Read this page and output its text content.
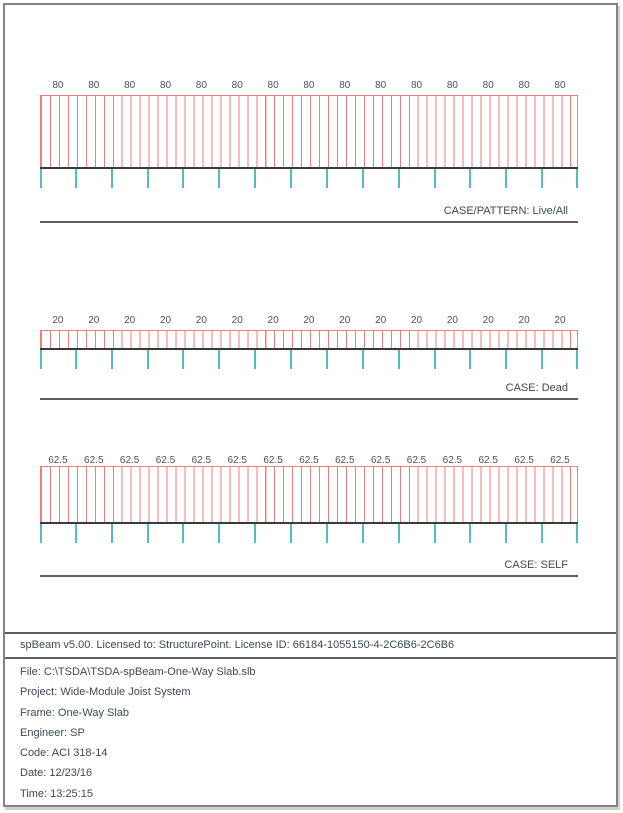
80	80	80	80	80	80	80	80	80	80	80	80	80	80	80
CASE/PATTERN: Live/All
20	20	20	20	20	20	20	20	20	20	20	20	20	20	20
CASE: Dead
62.5	62.5	62.5	62.5	62.5	62.5	62.5	62.5	62.5	62.5	62.5	62.5	62.5	62.5	62.5
CASE: SELF
spBeam v5.00. Licensed to: StructurePoint. License ID: 66184-1055150-4-2C6B6-2C6B6
File: C:\TSDA\TSDA-spBeam-One-Way Slab.slb
Project: Wide-Module Joist System
Frame: One-Way Slab
Engineer: SP
Code: ACI 318-14
Date: 12/23/16
Time: 13:25:15
